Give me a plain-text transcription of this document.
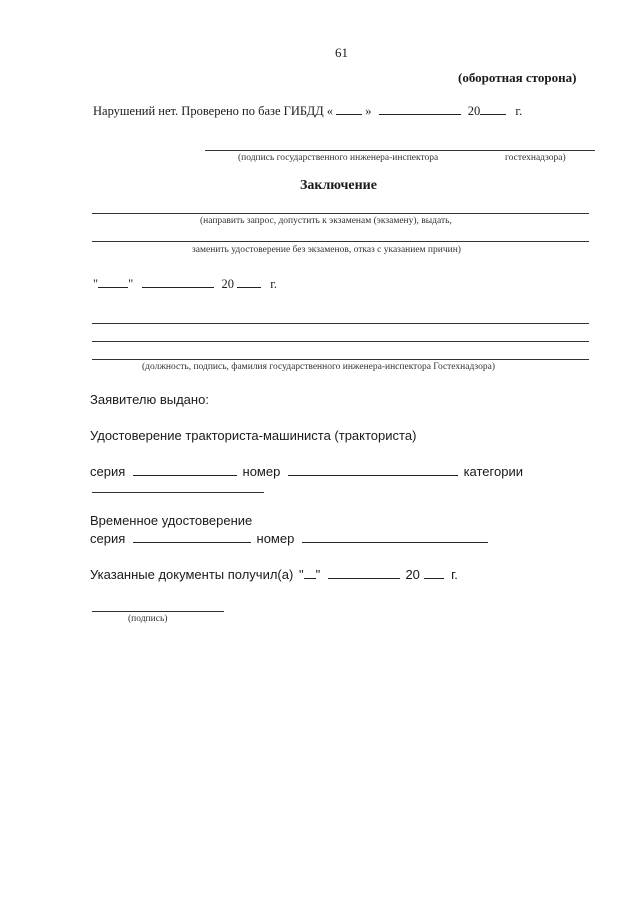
61
(оборотная сторона)
Нарушений нет. Проверено по базе ГИБДД «	»	20	г.
(подпись государственного инженера-инспектора	гостехнадзора)
Заключение
(направить запрос, допустить к экзаменам (экзамену), выдать,
заменить удостоверение без экзаменов, отказ с указанием причин)
" "	20	г.
(должность, подпись, фамилия государственного инженера-инспектора Гостехнадзора)
Заявителю выдано:
Удостоверение тракториста-машиниста (тракториста)
серия	номер	категории
Временное удостоверение
серия	номер
Указанные документы получил(а) " "	20 г.
(подпись)
